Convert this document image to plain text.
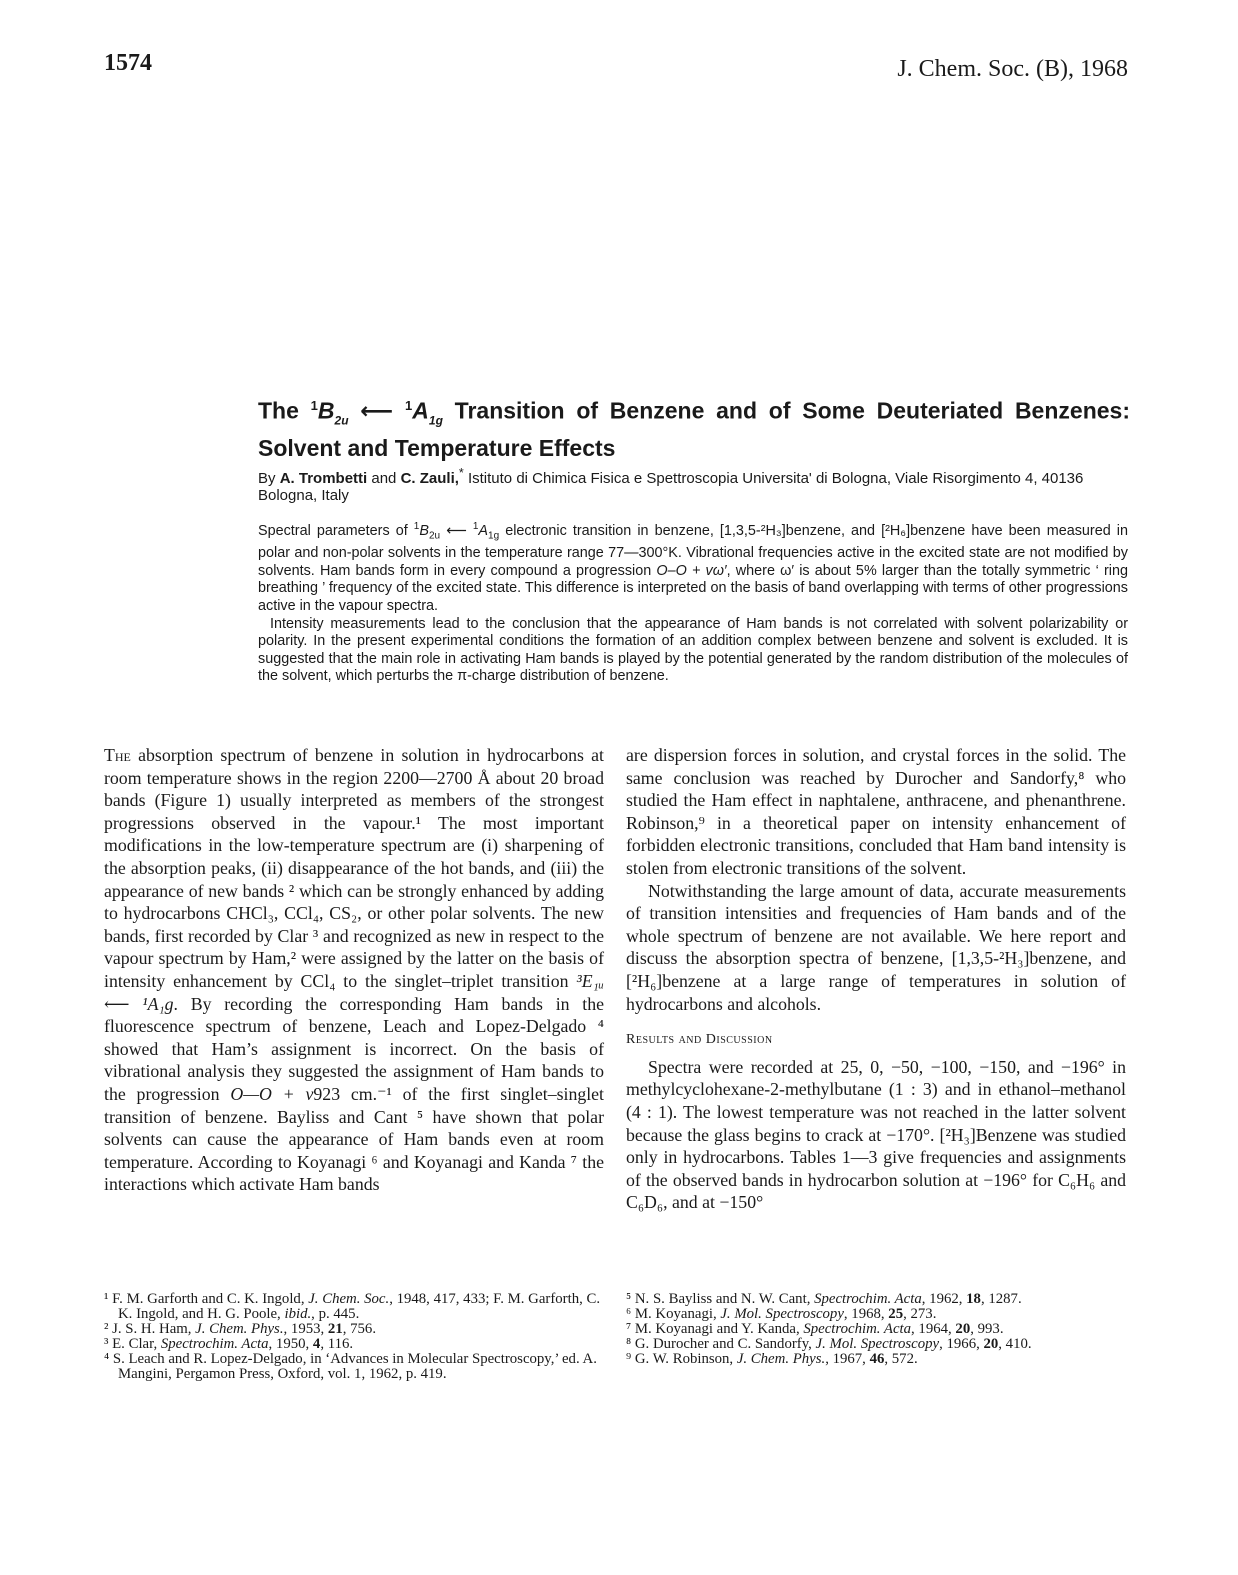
1574	J. Chem. Soc. (B), 1968
The $^1B_{2u}$ ⟵ $^1A_{1g}$ Transition of Benzene and of Some Deuteriated Benzenes: Solvent and Temperature Effects
By A. Trombetti and C. Zauli,* Istituto di Chimica Fisica e Spettroscopia Universita' di Bologna, Viale Risorgimento 4, 40136 Bologna, Italy

Spectral parameters of $^1B_{2u}$ ⟵ $^1A_{1g}$ electronic transition in benzene, [1,3,5-²H₃]benzene, and [²H₆]benzene have been measured in polar and non-polar solvents in the temperature range 77—300°K. Vibrational frequencies active in the excited state are not modified by solvents. Ham bands form in every compound a progression O–O + vω′, where ω′ is about 5% larger than the totally symmetric ‘ ring breathing ’ frequency of the excited state. This difference is interpreted on the basis of band overlapping with terms of other progressions active in the vapour spectra.

Intensity measurements lead to the conclusion that the appearance of Ham bands is not correlated with solvent polarizability or polarity. In the present experimental conditions the formation of an addition complex between benzene and solvent is excluded. It is suggested that the main role in activating Ham bands is played by the potential generated by the random distribution of the molecules of the solvent, which perturbs the π-charge distribution of benzene.

The absorption spectrum of benzene in solution in hydrocarbons at room temperature shows in the region 2200—2700 Å about 20 broad bands (Figure 1) usually interpreted as members of the strongest progressions observed in the vapour.¹ The most important modifications in the low-temperature spectrum are (i) sharpening of the absorption peaks, (ii) disappearance of the hot bands, and (iii) the appearance of new bands ² which can be strongly enhanced by adding to hydrocarbons CHCl₃, CCl₄, CS₂, or other polar solvents. The new bands, first recorded by Clar ³ and recognized as new in respect to the vapour spectrum by Ham,² were assigned by the latter on the basis of intensity enhancement by CCl₄ to the singlet–triplet transition ³E₁ᵤ ⟵ ¹A₁g. By recording the corresponding Ham bands in the fluorescence spectrum of benzene, Leach and Lopez-Delgado ⁴ showed that Ham’s assignment is incorrect. On the basis of vibrational analysis they suggested the assignment of Ham bands to the progression O—O + v923 cm.⁻¹ of the first singlet–singlet transition of benzene. Bayliss and Cant ⁵ have shown that polar solvents can cause the appearance of Ham bands even at room temperature. According to Koyanagi ⁶ and Koyanagi and Kanda ⁷ the interactions which activate Ham bands

are dispersion forces in solution, and crystal forces in the solid. The same conclusion was reached by Durocher and Sandorfy,⁸ who studied the Ham effect in naphtalene, anthracene, and phenanthrene. Robinson,⁹ in a theoretical paper on intensity enhancement of forbidden electronic transitions, concluded that Ham band intensity is stolen from electronic transitions of the solvent.

Notwithstanding the large amount of data, accurate measurements of transition intensities and frequencies of Ham bands and of the whole spectrum of benzene are not available. We here report and discuss the absorption spectra of benzene, [1,3,5-²H₃]benzene, and [²H₆]benzene at a large range of temperatures in solution of hydrocarbons and alcohols.

Results and Discussion

Spectra were recorded at 25, 0, −50, −100, −150, and −196° in methylcyclohexane-2-methylbutane (1 : 3) and in ethanol–methanol (4 : 1). The lowest temperature was not reached in the latter solvent because the glass begins to crack at −170°. [²H₃]Benzene was studied only in hydrocarbons. Tables 1—3 give frequencies and assignments of the observed bands in hydrocarbon solution at −196° for C₆H₆ and C₆D₆, and at −150°

¹ F. M. Garforth and C. K. Ingold, J. Chem. Soc., 1948, 417, 433; F. M. Garforth, C. K. Ingold, and H. G. Poole, ibid., p. 445.

² J. S. H. Ham, J. Chem. Phys., 1953, 21, 756.

³ E. Clar, Spectrochim. Acta, 1950, 4, 116.

⁴ S. Leach and R. Lopez-Delgado, in ‘Advances in Molecular Spectroscopy,’ ed. A. Mangini, Pergamon Press, Oxford, vol. 1, 1962, p. 419.

⁵ N. S. Bayliss and N. W. Cant, Spectrochim. Acta, 1962, 18, 1287.

⁶ M. Koyanagi, J. Mol. Spectroscopy, 1968, 25, 273.

⁷ M. Koyanagi and Y. Kanda, Spectrochim. Acta, 1964, 20, 993.

⁸ G. Durocher and C. Sandorfy, J. Mol. Spectroscopy, 1966, 20, 410.

⁹ G. W. Robinson, J. Chem. Phys., 1967, 46, 572.
